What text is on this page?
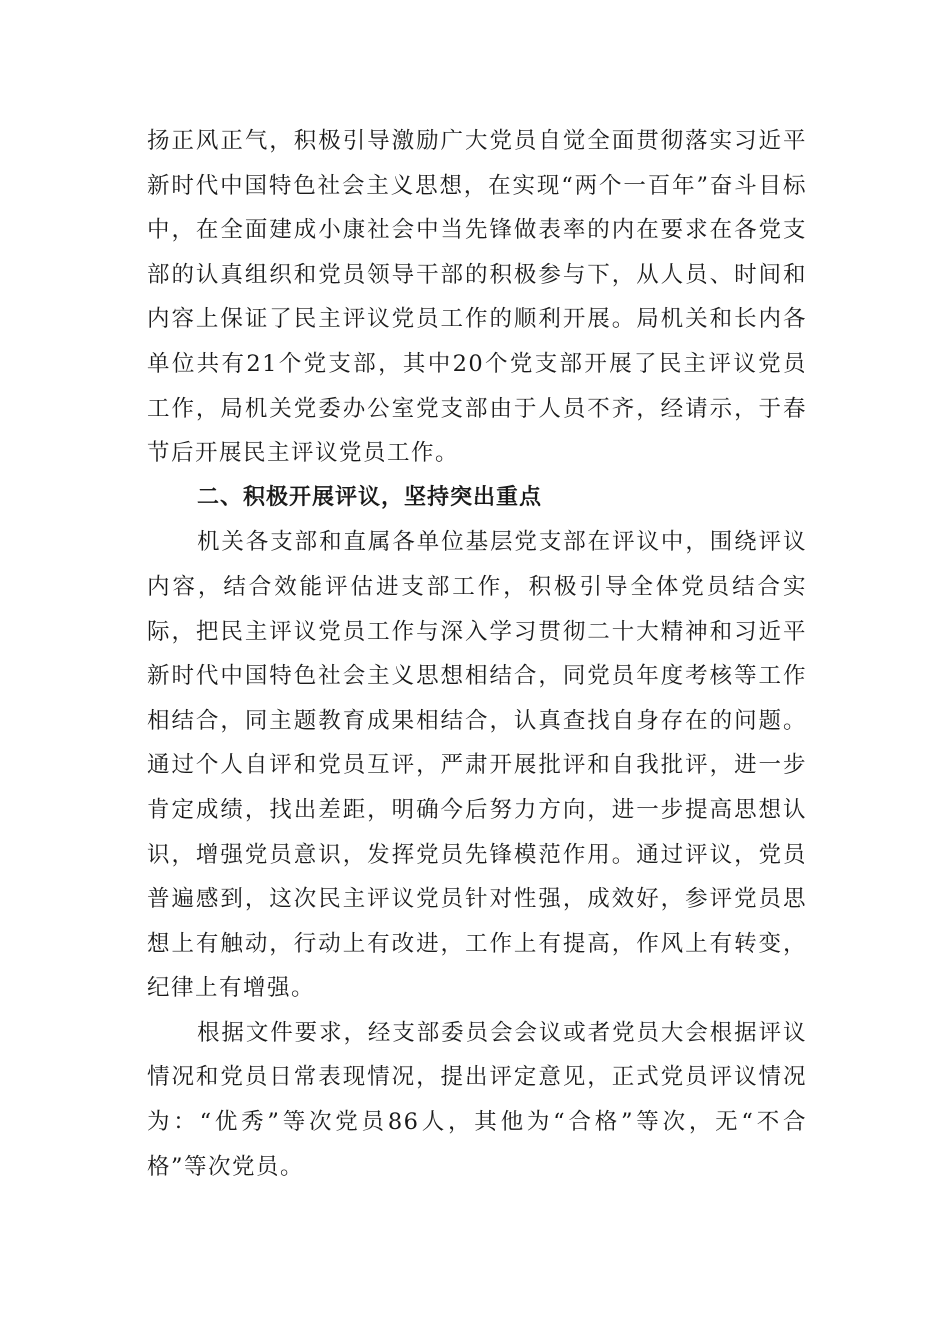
扬正风正气，积极引导激励广大党员自觉全面贯彻落实习近平新时代中国特色社会主义思想，在实现“两个一百年”奋斗目标中，在全面建成小康社会中当先锋做表率的内在要求在各党支部的认真组织和党员领导干部的积极参与下，从人员、时间和内容上保证了民主评议党员工作的顺利开展。局机关和长内各单位共有21个党支部，其中20个党支部开展了民主评议党员工作，局机关党委办公室党支部由于人员不齐，经请示，于春节后开展民主评议党员工作。

二、积极开展评议，坚持突出重点

机关各支部和直属各单位基层党支部在评议中，围绕评议内容，结合效能评估进支部工作，积极引导全体党员结合实际，把民主评议党员工作与深入学习贯彻二十大精神和习近平新时代中国特色社会主义思想相结合，同党员年度考核等工作相结合，同主题教育成果相结合，认真查找自身存在的问题。通过个人自评和党员互评，严肃开展批评和自我批评，进一步肯定成绩，找出差距，明确今后努力方向，进一步提高思想认识，增强党员意识，发挥党员先锋模范作用。通过评议，党员普遍感到，这次民主评议党员针对性强，成效好，参评党员思想上有触动，行动上有改进，工作上有提高，作风上有转变，纪律上有增强。

根据文件要求，经支部委员会会议或者党员大会根据评议情况和党员日常表现情况，提出评定意见，正式党员评议情况为：“优秀”等次党员86人，其他为“合格”等次，无“不合格”等次党员。
